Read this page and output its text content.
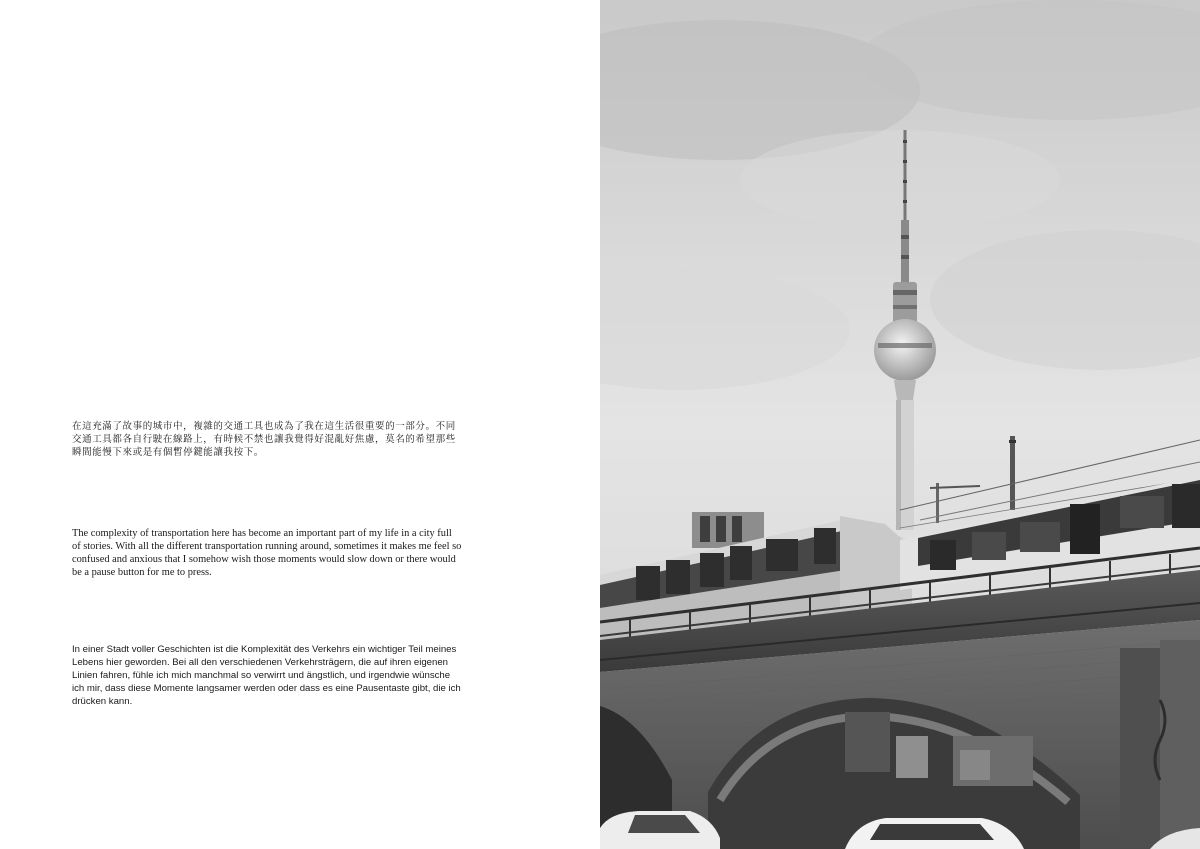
在這充滿了故事的城市中，複雜的交通工具也成為了我在這生活很重要的一部分。不同交通工具都各自行駛在線路上，有時候不禁也讓我覺得好混亂好焦慮，莫名的希望那些瞬間能慢下來或是有個暫停鍵能讓我按下。

The complexity of transportation here has become an important part of my life in a city full of stories. With all the different transportation running around, sometimes it makes me feel so confused and anxious that I somehow wish those moments would slow down or there would be a pause button for me to press.

In einer Stadt voller Geschichten ist die Komplexität des Verkehrs ein wichtiger Teil meines Lebens hier geworden. Bei all den verschiedenen Verkehrsträgern, die auf ihren eigenen Linien fahren, fühle ich mich manchmal so verwirrt und ängstlich, und irgendwie wünsche ich mir, dass diese Momente langsamer werden oder dass es eine Pausentaste gibt, die ich drücken kann.
